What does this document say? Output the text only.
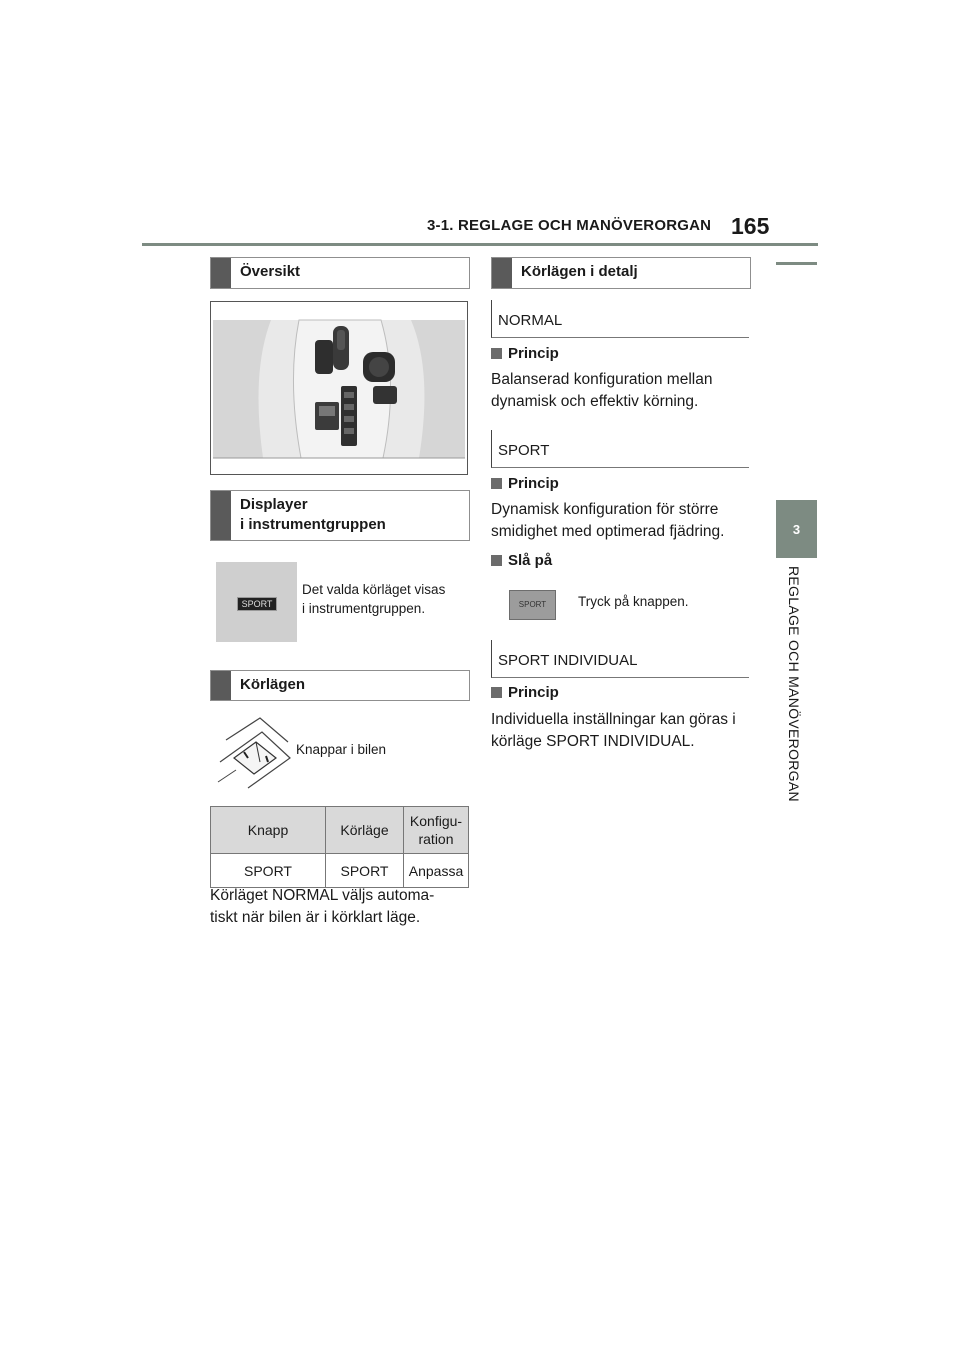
3-1. REGLAGE OCH MANÖVERORGAN 165
3
REGLAGE OCH MANÖVERORGAN
Översikt
Displayer
i instrumentgruppen
SPORT
Det valda körläget visas
i instrumentgruppen.
Körlägen
Knappar i bilen
Knapp	Körläge	Konfigu-
ration

SPORT	SPORT	Anpassa
Körläget NORMAL väljs automa-
tiskt när bilen är i körklart läge.
Körlägen i detalj
NORMAL
Princip
Balanserad konfiguration mellan
dynamisk och effektiv körning.
SPORT
Princip
Dynamisk konfiguration för större
smidighet med optimerad fjädring.
Slå på
SPORT	Tryck på knappen.
SPORT INDIVIDUAL
Princip
Individuella inställningar kan göras i
körläge SPORT INDIVIDUAL.
